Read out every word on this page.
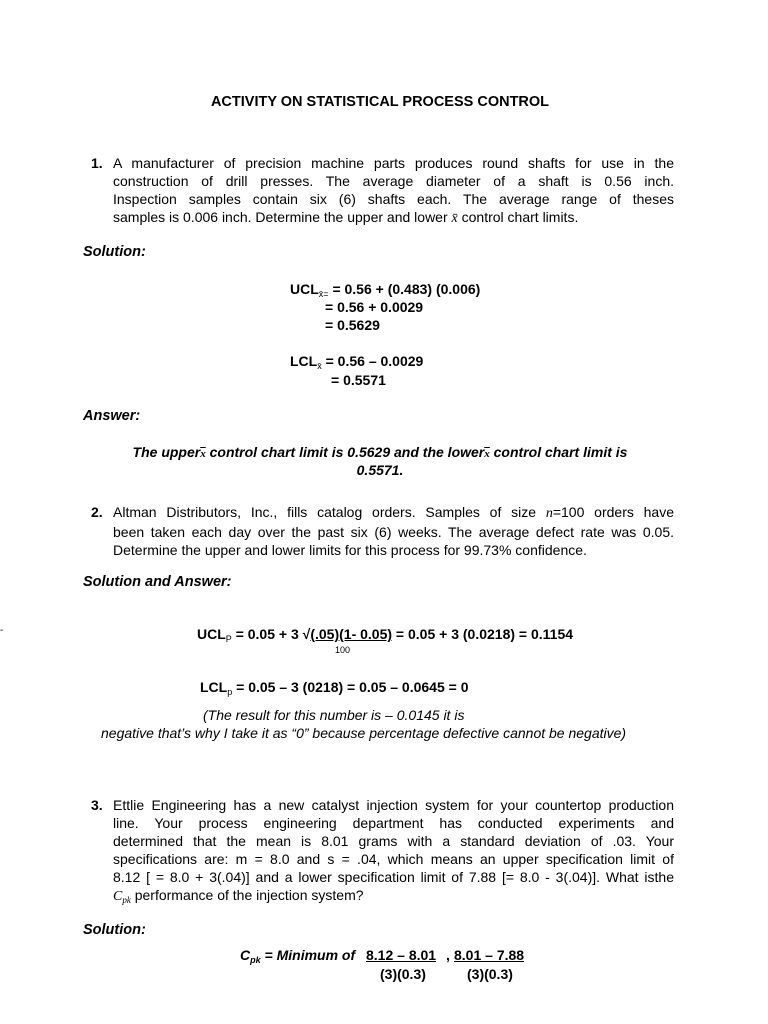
ACTIVITY ON STATISTICAL PROCESS CONTROL
1. A manufacturer of precision machine parts produces round shafts for use in the
construction of drill presses. The average diameter of a shaft is 0.56 inch.
Inspection samples contain six (6) shafts each. The average range of theses
samples is 0.006 inch. Determine the upper and lower x̄ control chart limits.
Solution:
$UCL_{x̄=} = 0.56 + (0.483)$ (0.006)
= 0.56 + 0.0029
= 0.5629
$LCL_{x̄} = 0.56 - 0.0029$
= 0.5571
Answer:
The $upper\overline{x}$ control chart limit is 0.5629 and the $lower\overline{x}$ control chart limit is
0.5571.
2. Altman Distributors, Inc., fills catalog orders. Samples of size n=100 orders have
been taken each day over the past six (6) weeks. The average defect rate was 0.05.
Determine the upper and lower limits for this process for 99.73% confidence.
Solution and Answer:
-	$UCL_P = 0.05 + 3$ √(.05)(1- 0.05) = 0.05 + 3 (0.0218) = 0.1154
100
$LCL_p = 0.05 - 3$ (0218) = 0.05 – 0.0645 = 0
(The result for this number is – 0.0145 it is
negative that’s why I take it as “0” because percentage defective cannot be negative)
3. Ettlie Engineering has a new catalyst injection system for your countertop production
line. Your process engineering department has conducted experiments and
determined that the mean is 8.01 grams with a standard deviation of .03. Your
specifications are: m = 8.0 and s = .04, which means an upper specification limit of
8.12 [ = 8.0 + 3(.04)] and a lower specification limit of 7.88 [= 8.0 - 3(.04)]. What isthe
$C_{pk}$ performance of the injection system?
Solution:
$C_{pk}$ = Minimum of 8.12 – 8.01 , 8.01 – 7.88
(3)(0.3)	(3)(0.3)
